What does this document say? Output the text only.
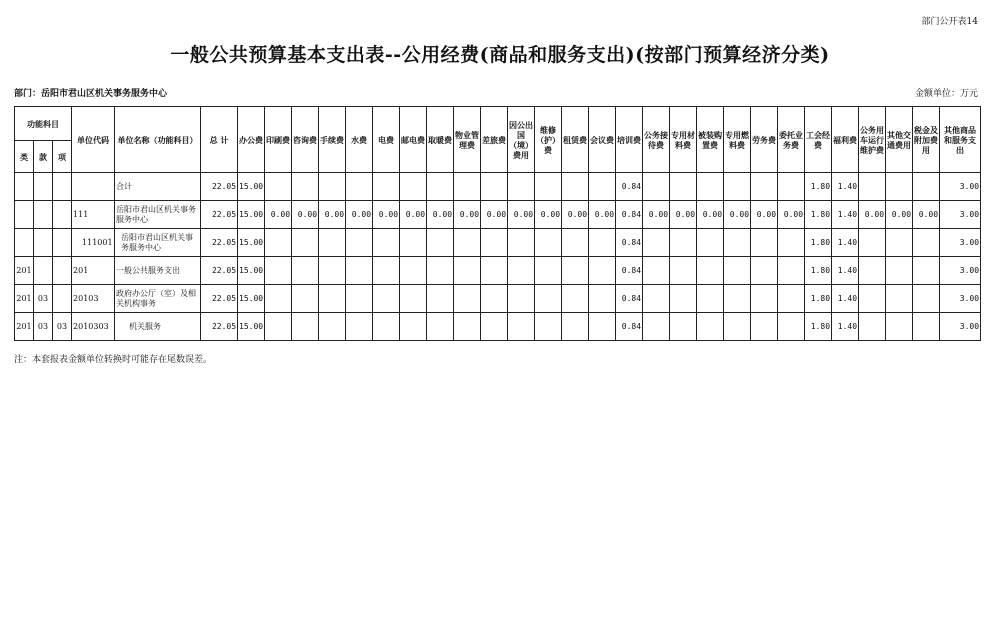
部门公开表14
一般公共预算基本支出表--公用经费(商品和服务支出)(按部门预算经济分类)
部门：岳阳市君山区机关事务服务中心	金额单位：万元
功能科目			单位代码	单位名称（功能科目）	总 计	办公费	印刷费	咨询费	手续费	水费	电费	邮电费	取暖费	物业管理费	差旅费	因公出国（境）费用	维修（护）费	租赁费	会议费	培训费	公务接待费	专用材料费	被装购置费	专用燃料费	劳务费	委托业务费	工会经费	福利费	公务用车运行维护费	其他交通费用	税金及附加费用	其他商品和服务支出
类	款	项																														
				合计	22.05	15.00														0.84							1.80	1.40				3.00
			111	岳阳市君山区机关事务服务中心	22.05	15.00	0.00	0.00	0.00	0.00	0.00	0.00	0.00	0.00	0.00	0.00	0.00	0.00	0.00	0.84	0.00	0.00	0.00	0.00	0.00	0.00	1.80	1.40	0.00	0.00	0.00	3.00
			111001	岳阳市君山区机关事务服务中心	22.05	15.00														0.84							1.80	1.40				3.00
201			201	一般公共服务支出	22.05	15.00														0.84							1.80	1.40				3.00
201	03		20103	政府办公厅（室）及相关机构事务	22.05	15.00														0.84							1.80	1.40				3.00
201	03	03	2010303	机关服务	22.05	15.00														0.84							1.80	1.40				3.00
注：本套报表金额单位转换时可能存在尾数误差。
